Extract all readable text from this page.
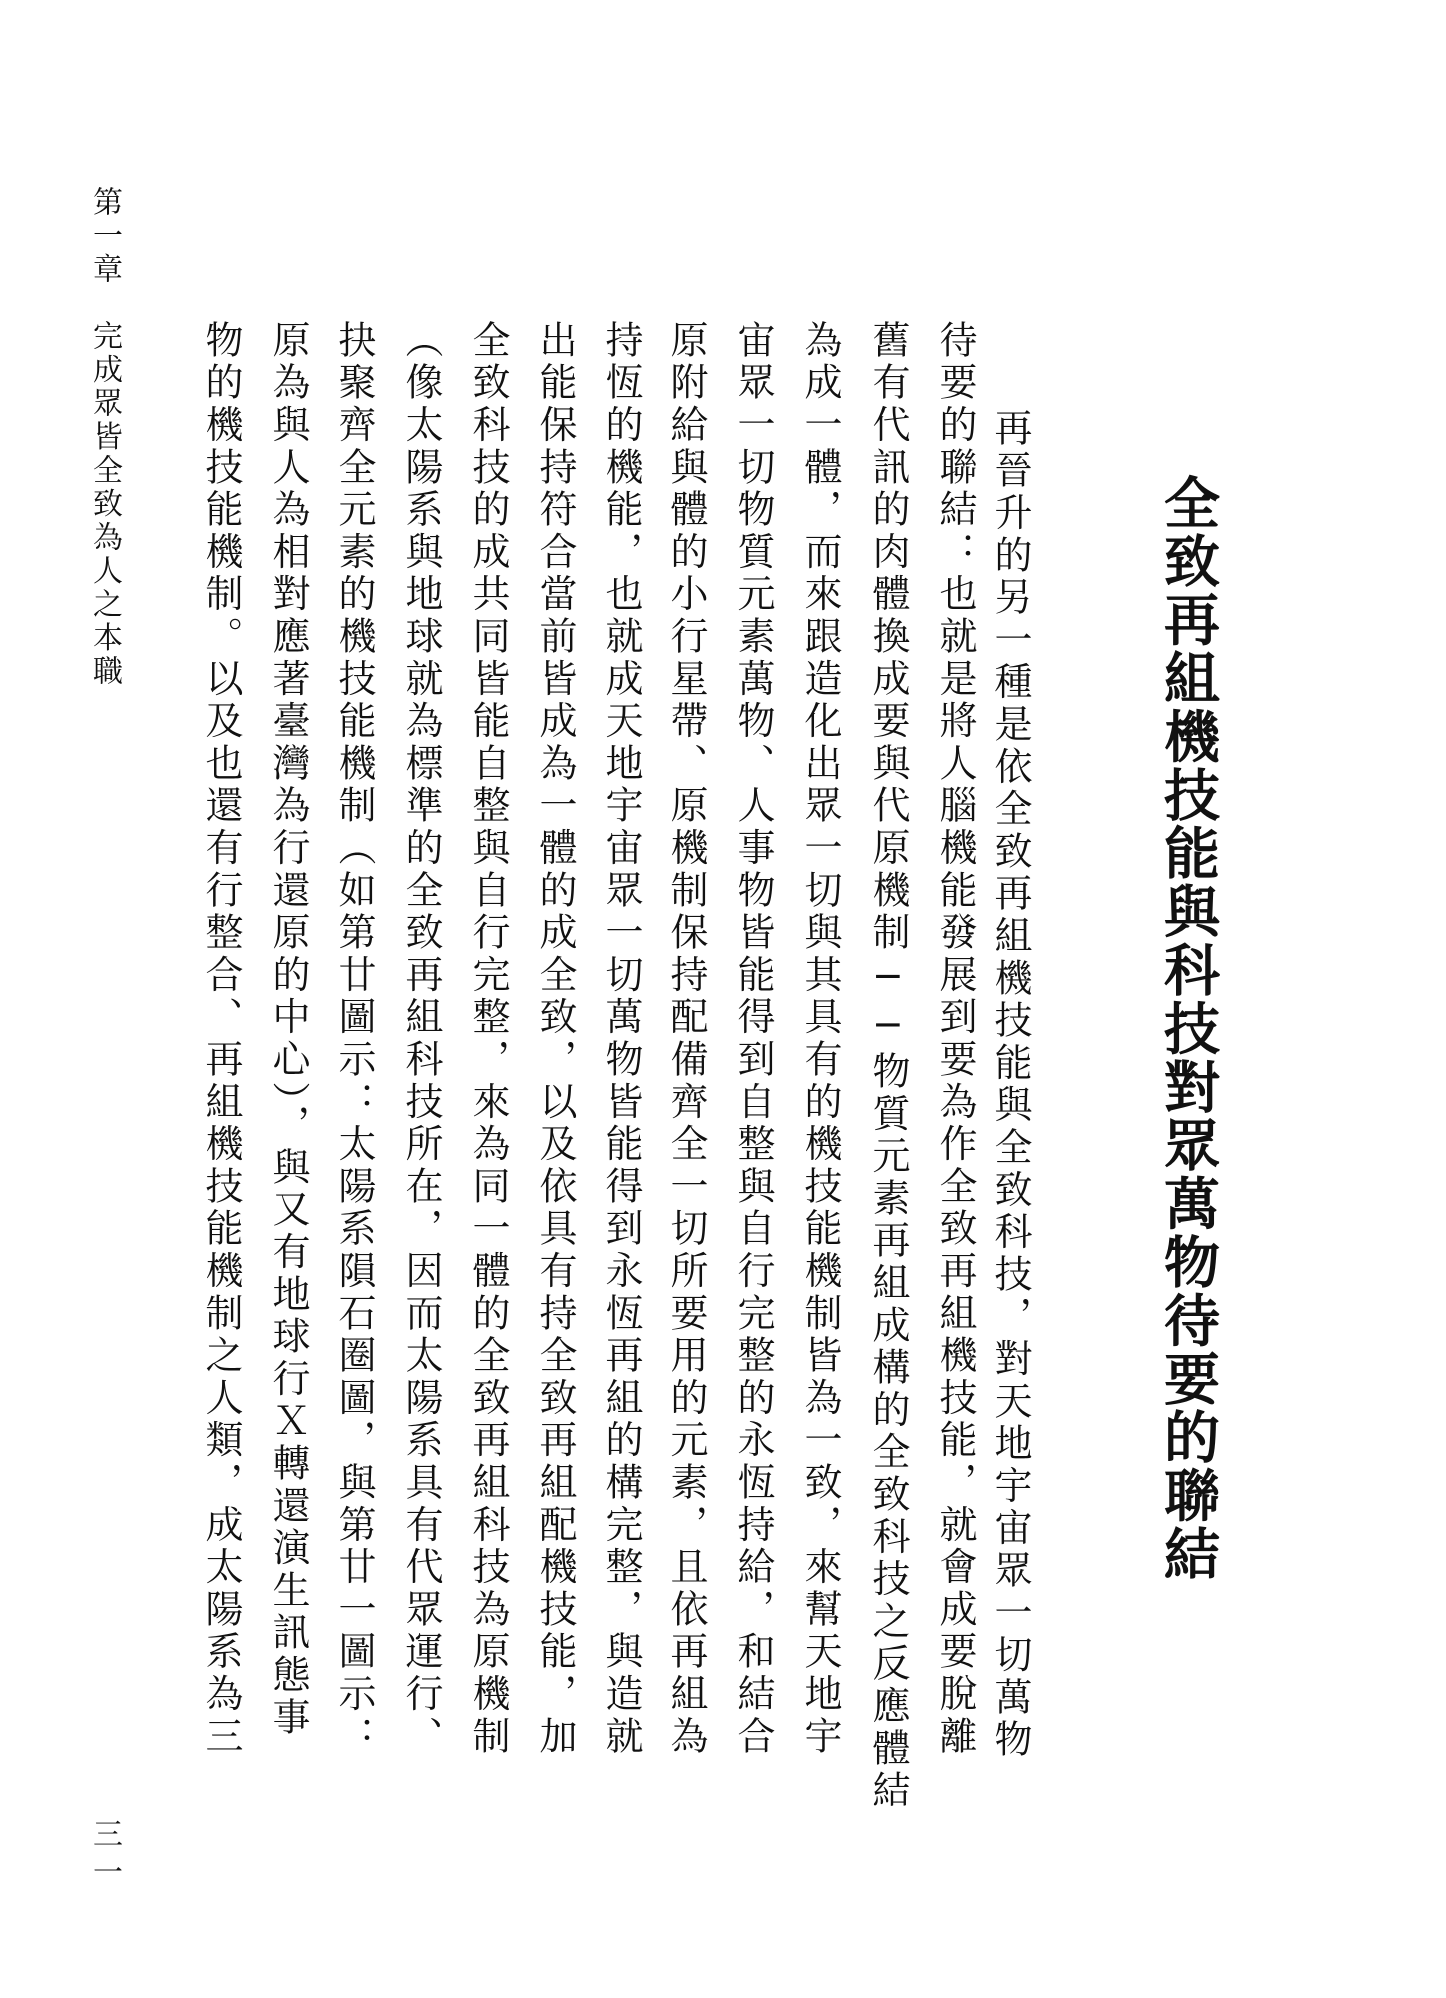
第一章　完成眾皆全致為人之本職
三一
全致再組機技能與科技對眾萬物待要的聯結
再晉升的另一種是依全致再組機技能與全致科技，對天地宇宙眾一切萬物
待要的聯結：也就是將人腦機能發展到要為作全致再組機技能，就會成要脫離
舊有代訊的肉體換成要與代原機制──物質元素再組成構的全致科技之反應體結
為成一體，而來跟造化出眾一切與其具有的機技能機制皆為一致，來幫天地宇
宙眾一切物質元素萬物、人事物皆能得到自整與自行完整的永恆持給，和結合
原附給與體的小行星帶、原機制保持配備齊全一切所要用的元素，且依再組為
持恆的機能，也就成天地宇宙眾一切萬物皆能得到永恆再組的構完整，與造就
出能保持符合當前皆成為一體的成全致，以及依具有持全致再組配機技能，加
全致科技的成共同皆能自整與自行完整，來為同一體的全致再組科技為原機制
（像太陽系與地球就為標準的全致再組科技所在，因而太陽系具有代眾運行、
抉聚齊全元素的機技能機制（如第廿圖示：太陽系隕石圈圖，與第廿一圖示：
原為與人為相對應著臺灣為行還原的中心），與又有地球行Ｘ轉還演生訊態事
物的機技能機制。以及也還有行整合、再組機技能機制之人類，成太陽系為三
